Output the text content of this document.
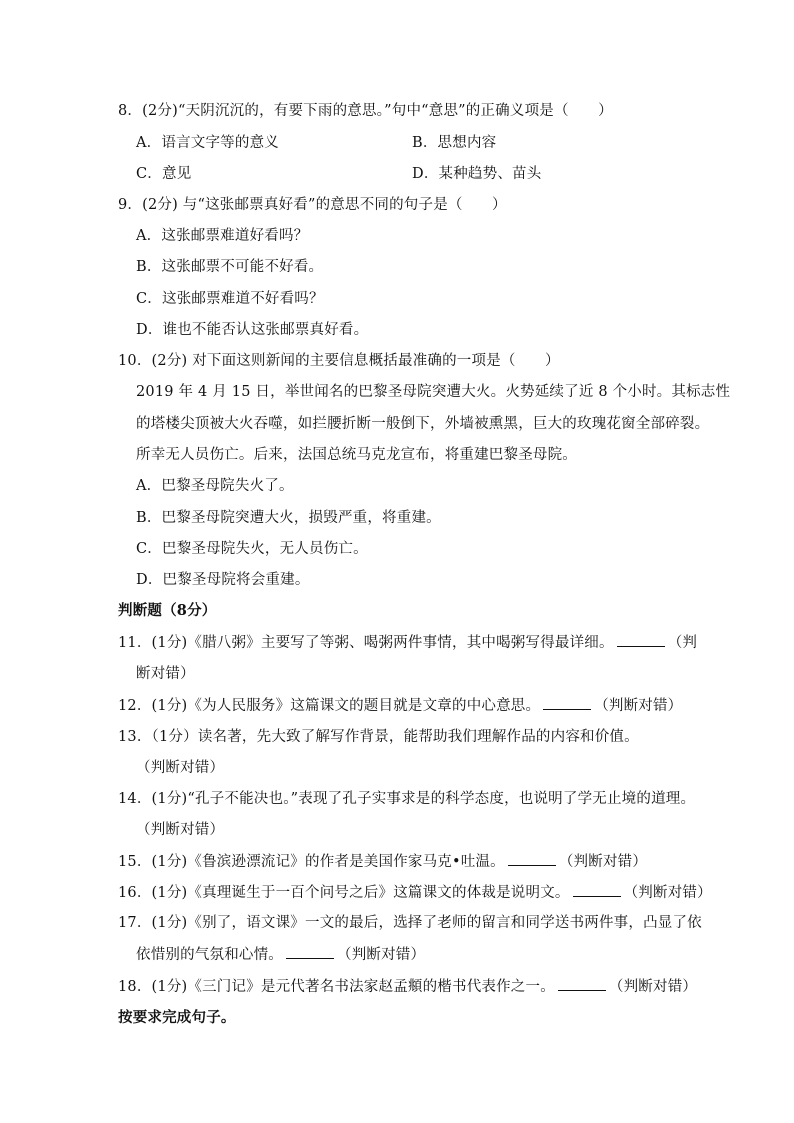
8．(2分)“天阴沉沉的，有要下雨的意思。”句中“意思”的正确义项是（　　）
A．语言文字等的意义	B．思想内容
C．意见	D．某种趋势、苗头
9．(2分) 与“这张邮票真好看”的意思不同的句子是（　　）
A．这张邮票难道好看吗？
B．这张邮票不可能不好看。
C．这张邮票难道不好看吗？
D．谁也不能否认这张邮票真好看。
10．(2分) 对下面这则新闻的主要信息概括最准确的一项是（　　）
2019 年 4 月 15 日，举世闻名的巴黎圣母院突遭大火。火势延续了近 8 个小时。其标志性
的塔楼尖顶被大火吞噬，如拦腰折断一般倒下，外墙被熏黑，巨大的玫瑰花窗全部碎裂。
所幸无人员伤亡。后来，法国总统马克龙宣布，将重建巴黎圣母院。
A．巴黎圣母院失火了。
B．巴黎圣母院突遭大火，损毁严重，将重建。
C．巴黎圣母院失火，无人员伤亡。
D．巴黎圣母院将会重建。
判断题（8分）
11．(1分)《腊八粥》主要写了等粥、喝粥两件事情，其中喝粥写得最详细。	（判
断对错）
12．(1分)《为人民服务》这篇课文的题目就是文章的中心意思。	（判断对错）
13．（1分）读名著，先大致了解写作背景，能帮助我们理解作品的内容和价值。
（判断对错）
14．(1分)“孔子不能决也。”表现了孔子实事求是的科学态度，也说明了学无止境的道理。
（判断对错）
15．(1分)《鲁滨逊漂流记》的作者是美国作家马克•吐温。	（判断对错）
16．(1分)《真理诞生于一百个问号之后》这篇课文的体裁是说明文。	（判断对错）
17．(1分)《别了，语文课》一文的最后，选择了老师的留言和同学送书两件事，凸显了依
依惜别的气氛和心情。	（判断对错）
18．(1分)《三门记》是元代著名书法家赵孟頫的楷书代表作之一。	（判断对错）
按要求完成句子。
